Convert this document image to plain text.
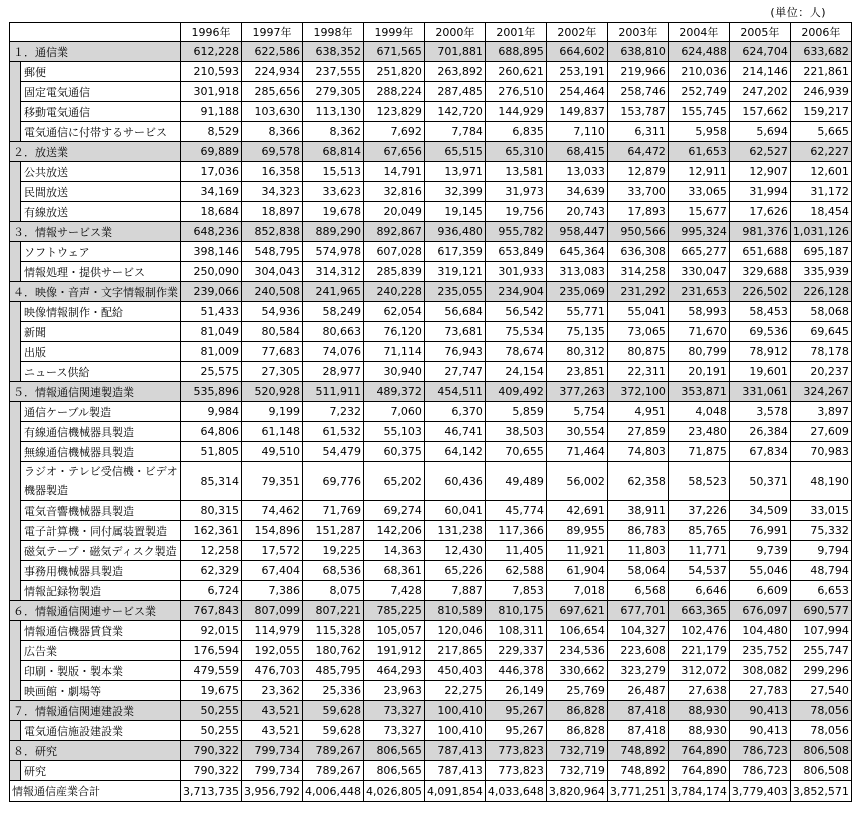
(単位：人)
		1996年	1997年	1998年	1999年	2000年	2001年	2002年	2003年	2004年	2005年	2006年
１．通信業		612,228	622,586	638,352	671,565	701,881	688,895	664,602	638,810	624,488	624,704	633,682
	郵便	210,593	224,934	237,555	251,820	263,892	260,621	253,191	219,966	210,036	214,146	221,861
	固定電気通信	301,918	285,656	279,305	288,224	287,485	276,510	254,464	258,746	252,749	247,202	246,939
	移動電気通信	91,188	103,630	113,130	123,829	142,720	144,929	149,837	153,787	155,745	157,662	159,217
	電気通信に付帯するサービス	8,529	8,366	8,362	7,692	7,784	6,835	7,110	6,311	5,958	5,694	5,665
２．放送業		69,889	69,578	68,814	67,656	65,515	65,310	68,415	64,472	61,653	62,527	62,227
	公共放送	17,036	16,358	15,513	14,791	13,971	13,581	13,033	12,879	12,911	12,907	12,601
	民間放送	34,169	34,323	33,623	32,816	32,399	31,973	34,639	33,700	33,065	31,994	31,172
	有線放送	18,684	18,897	19,678	20,049	19,145	19,756	20,743	17,893	15,677	17,626	18,454
３．情報サービス業		648,236	852,838	889,290	892,867	936,480	955,782	958,447	950,566	995,324	981,376	1,031,126
	ソフトウェア	398,146	548,795	574,978	607,028	617,359	653,849	645,364	636,308	665,277	651,688	695,187
	情報処理・提供サービス	250,090	304,043	314,312	285,839	319,121	301,933	313,083	314,258	330,047	329,688	335,939
４．映像・音声・文字情報制作業		239,066	240,508	241,965	240,228	235,055	234,904	235,069	231,292	231,653	226,502	226,128
	映像情報制作・配給	51,433	54,936	58,249	62,054	56,684	56,542	55,771	55,041	58,993	58,453	58,068
	新聞	81,049	80,584	80,663	76,120	73,681	75,534	75,135	73,065	71,670	69,536	69,645
	出版	81,009	77,683	74,076	71,114	76,943	78,674	80,312	80,875	80,799	78,912	78,178
	ニュース供給	25,575	27,305	28,977	30,940	27,747	24,154	23,851	22,311	20,191	19,601	20,237
５．情報通信関連製造業		535,896	520,928	511,911	489,372	454,511	409,492	377,263	372,100	353,871	331,061	324,267
	通信ケーブル製造	9,984	9,199	7,232	7,060	6,370	5,859	5,754	4,951	4,048	3,578	3,897
	有線通信機械器具製造	64,806	61,148	61,532	55,103	46,741	38,503	30,554	27,859	23,480	26,384	27,609
	無線通信機械器具製造	51,805	49,510	54,479	60,375	64,142	70,655	71,464	74,803	71,875	67,834	70,983
	ラジオ・テレビ受信機・ビデオ機器製造	85,314	79,351	69,776	65,202	60,436	49,489	56,002	62,358	58,523	50,371	48,190
	電気音響機械器具製造	80,315	74,462	71,769	69,274	60,041	45,774	42,691	38,911	37,226	34,509	33,015
	電子計算機・同付属装置製造	162,361	154,896	151,287	142,206	131,238	117,366	89,955	86,783	85,765	76,991	75,332
	磁気テープ・磁気ディスク製造	12,258	17,572	19,225	14,363	12,430	11,405	11,921	11,803	11,771	9,739	9,794
	事務用機械器具製造	62,329	67,404	68,536	68,361	65,226	62,588	61,904	58,064	54,537	55,046	48,794
	情報記録物製造	6,724	7,386	8,075	7,428	7,887	7,853	7,018	6,568	6,646	6,609	6,653
６．情報通信関連サービス業		767,843	807,099	807,221	785,225	810,589	810,175	697,621	677,701	663,365	676,097	690,577
	情報通信機器賃貸業	92,015	114,979	115,328	105,057	120,046	108,311	106,654	104,327	102,476	104,480	107,994
	広告業	176,594	192,055	180,762	191,912	217,865	229,337	234,536	223,608	221,179	235,752	255,747
	印刷・製版・製本業	479,559	476,703	485,795	464,293	450,403	446,378	330,662	323,279	312,072	308,082	299,296
	映画館・劇場等	19,675	23,362	25,336	23,963	22,275	26,149	25,769	26,487	27,638	27,783	27,540
７．情報通信関連建設業		50,255	43,521	59,628	73,327	100,410	95,267	86,828	87,418	88,930	90,413	78,056
	電気通信施設建設業	50,255	43,521	59,628	73,327	100,410	95,267	86,828	87,418	88,930	90,413	78,056
８．研究		790,322	799,734	789,267	806,565	787,413	773,823	732,719	748,892	764,890	786,723	806,508
	研究	790,322	799,734	789,267	806,565	787,413	773,823	732,719	748,892	764,890	786,723	806,508
情報通信産業合計		3,713,735	3,956,792	4,006,448	4,026,805	4,091,854	4,033,648	3,820,964	3,771,251	3,784,174	3,779,403	3,852,571
